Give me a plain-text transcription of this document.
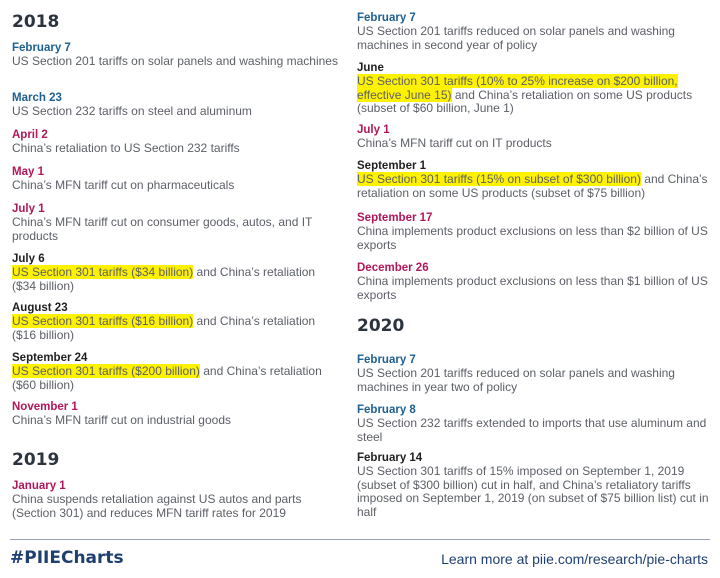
2018
February 7
US Section 201 tariffs on solar panels and washing machines
March 23
US Section 232 tariffs on steel and aluminum
April 2
China’s retaliation to US Section 232 tariffs
May 1
China’s MFN tariff cut on pharmaceuticals
July 1
China’s MFN tariff cut on consumer goods, autos, and IT products
July 6
US Section 301 tariffs ($34 billion) and China’s retaliation ($34 billion)
August 23
US Section 301 tariffs ($16 billion) and China’s retaliation ($16 billion)
September 24
US Section 301 tariffs ($200 billion) and China’s retaliation ($60 billion)
November 1
China’s MFN tariff cut on industrial goods
2019
January 1
China suspends retaliation against US autos and parts (Section 301) and reduces MFN tariff rates for 2019
February 7
US Section 201 tariffs reduced on solar panels and washing machines in second year of policy
June
US Section 301 tariffs (10% to 25% increase on $200 billion, effective June 15) and China’s retaliation on some US products (subset of $60 billion, June 1)
July 1
China’s MFN tariff cut on IT products
September 1
US Section 301 tariffs (15% on subset of $300 billion) and China’s retaliation on some US products (subset of $75 billion)
September 17
China implements product exclusions on less than $2 billion of US exports
December 26
China implements product exclusions on less than $1 billion of US exports
2020
February 7
US Section 201 tariffs reduced on solar panels and washing machines in year two of policy
February 8
US Section 232 tariffs extended to imports that use aluminum and steel
February 14
US Section 301 tariffs of 15% imposed on September 1, 2019 (subset of $300 billion) cut in half, and China’s retaliatory tariffs imposed on September 1, 2019 (on subset of $75 billion list) cut in half
#PIIECharts	Learn more at piie.com/research/pie-charts
